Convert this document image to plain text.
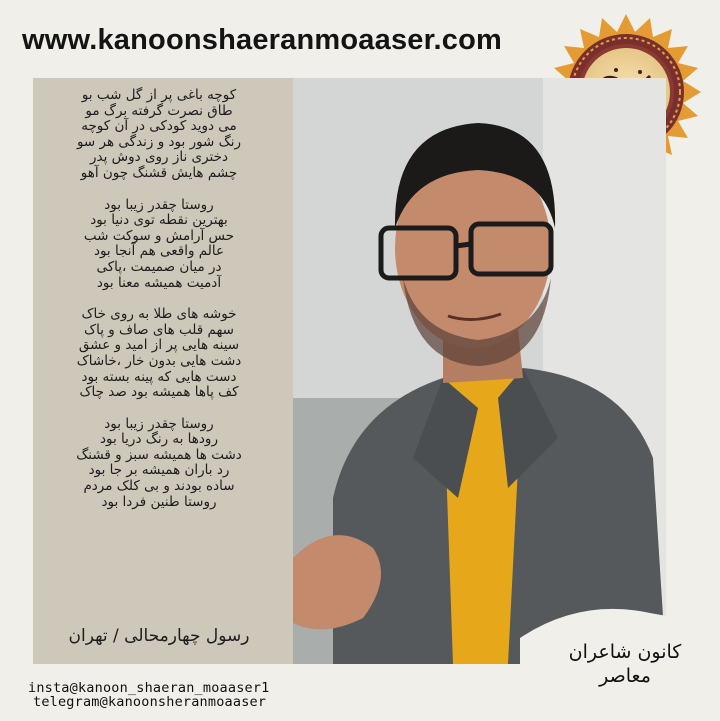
www.kanoonshaeranmoaaser.com
کوچه باغی پر از گل شب بو
طاق نصرت گرفته برگ مو
می دوید کودکی در آن کوچه
رنگ شور بود و زندگی هر سو
دختری ناز روی دوش پدر
چشم هایش قشنگ چون آهو
روستا چقدر زیبا بود
بهترین نقطه توی دنیا بود
حس آرامش و سوکت شب
عالم واقعی هم آنجا بود
در میان صمیمت ،پاکی
آدمیت همیشه معنا بود
خوشه های طلا به روی خاک
سهم قلب های صاف و پاک
سینه هایی پر از امید و عشق
دشت هایی بدون خار ،خاشاک
دست هایی که پینه بسته بود
کف پاها همیشه بود صد چاک
روستا چقدر زیبا بود
رودها به رنگ دریا بود
دشت ها همیشه سبز و قشنگ
رد باران همیشه بر جا بود
ساده بودند و بی کلک مردم
روستا طنین فردا بود
رسول چهارمحالی / تهران
کانون شاعران معاصر
insta@kanoon_shaeran_moaaser1
telegram@kanoonsheranmoaaser
